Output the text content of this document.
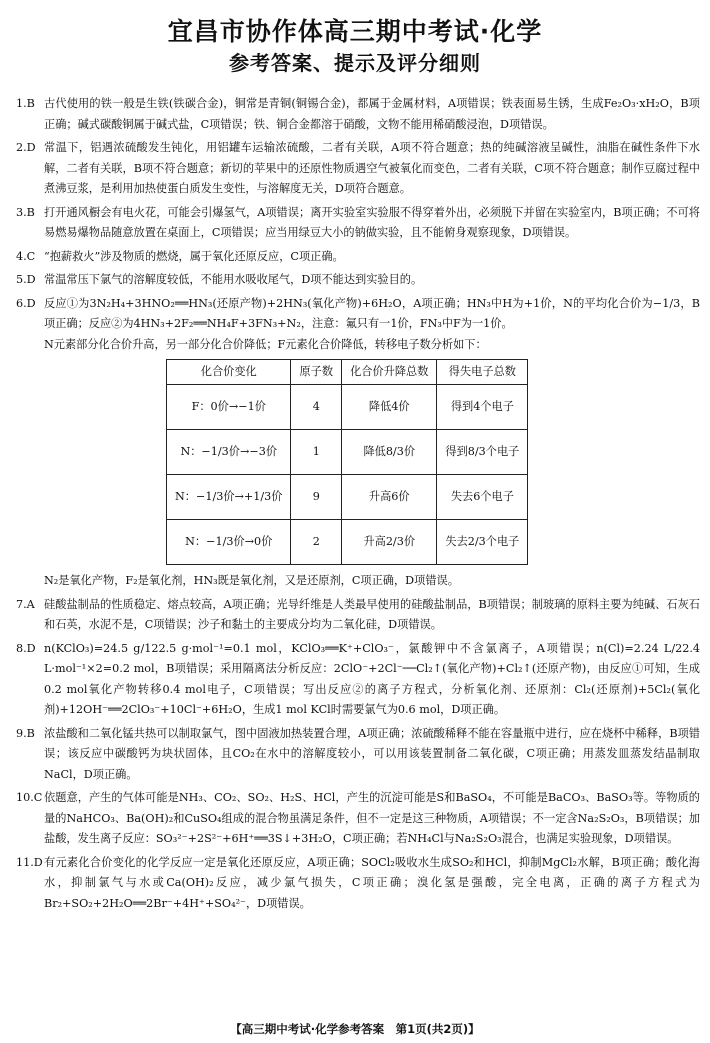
宜昌市协作体高三期中考试·化学
参考答案、提示及评分细则
1.B 古代使用的铁一般是生铁(铁碳合金)，铜常是青铜(铜锡合金)，都属于金属材料，A项错误；铁表面易生锈，生成Fe₂O₃·xH₂O，B项正确；碱式碳酸铜属于碱式盐，C项错误；铁、铜合金都溶于硝酸，文物不能用稀硝酸浸泡，D项错误。

2.D 常温下，铝遇浓硫酸发生钝化，用铝罐车运输浓硫酸，二者有关联，A项不符合题意；热的纯碱溶液呈碱性，油脂在碱性条件下水解，二者有关联，B项不符合题意；新切的苹果中的还原性物质遇空气被氧化而变色，二者有关联，C项不符合题意；制作豆腐过程中煮沸豆浆，是利用加热使蛋白质发生变性，与溶解度无关，D项符合题意。

3.B 打开通风橱会有电火花，可能会引爆氢气，A项错误；离开实验室实验服不得穿着外出，必须脱下并留在实验室内，B项正确；不可将易燃易爆物品随意放置在桌面上，C项错误；应当用绿豆大小的钠做实验，且不能俯身观察现象，D项错误。

4.C “抱薪救火”涉及物质的燃烧，属于氧化还原反应，C项正确。

5.D 常温常压下氯气的溶解度较低，不能用水吸收尾气，D项不能达到实验目的。

6.D 反应①为3N₂H₄+3HNO₂══HN₃(还原产物)+2HN₃(氧化产物)+6H₂O，A项正确；HN₃中H为+1价，N的平均化合价为−1/3，B项正确；反应②为4HN₃+2F₂══NH₄F+3FN₃+N₂，注意：氟只有一1价，FN₃中F为一1价。

N元素部分化合价升高，另一部分化合价降低；F元素化合价降低，转移电子数分析如下：

化合价变化	原子数	化合价升降总数	得失电子总数
F：0价→−1价	4	降低4价	得到4个电子
N：−1/3价→−3价	1	降低8/3价	得到8/3个电子
N：−1/3价→+1/3价	9	升高6价	失去6个电子
N：−1/3价→0价	2	升高2/3价	失去2/3个电子

N₂是氧化产物，F₂是氧化剂，HN₃既是氧化剂，又是还原剂，C项正确，D项错误。

7.A 硅酸盐制品的性质稳定、熔点较高，A项正确；光导纤维是人类最早使用的硅酸盐制品，B项错误；制玻璃的原料主要为纯碱、石灰石和石英，水泥不是，C项错误；沙子和黏土的主要成分均为二氧化硅，D项错误。

8.D n(KClO₃)=24.5 g/122.5 g·mol⁻¹=0.1 mol，KClO₃══K⁺+ClO₃⁻，氯酸钾中不含氯离子，A项错误；n(Cl)=2.24 L/22.4 L·mol⁻¹×2=0.2 mol，B项错误；采用隔离法分析反应：2ClO⁻+2Cl⁻──Cl₂↑(氧化产物)+Cl₂↑(还原产物)，由反应①可知，生成0.2 mol氧化产物转移0.4 mol电子，C项错误；写出反应②的离子方程式，分析氧化剂、还原剂：Cl₂(还原剂)+5Cl₂(氧化剂)+12OH⁻══2ClO₃⁻+10Cl⁻+6H₂O，生成1 mol KCl时需要氯气为0.6 mol，D项正确。

9.B 浓盐酸和二氧化锰共热可以制取氯气，图中固液加热装置合理，A项正确；浓硫酸稀释不能在容量瓶中进行，应在烧杯中稀释，B项错误；该反应中碳酸钙为块状固体，且CO₂在水中的溶解度较小，可以用该装置制备二氧化碳，C项正确；用蒸发皿蒸发结晶制取NaCl，D项正确。

10.C 依题意，产生的气体可能是NH₃、CO₂、SO₂、H₂S、HCl，产生的沉淀可能是S和BaSO₄，不可能是BaCO₃、BaSO₃等。等物质的量的NaHCO₃、Ba(OH)₂和CuSO₄组成的混合物虽满足条件，但不一定是这三种物质，A项错误；不一定含Na₂S₂O₃，B项错误；加盐酸，发生离子反应：SO₃²⁻+2S²⁻+6H⁺══3S↓+3H₂O，C项正确；若NH₄Cl与Na₂S₂O₃混合，也满足实验现象，D项错误。

11.D 有元素化合价变化的化学反应一定是氧化还原反应，A项正确；SOCl₂吸收水生成SO₂和HCl，抑制MgCl₂水解，B项正确；酸化海水，抑制氯气与水或Ca(OH)₂反应，减少氯气损失，C项正确；溴化氢是强酸，完全电离，正确的离子方程式为Br₂+SO₂+2H₂O══2Br⁻+4H⁺+SO₄²⁻，D项错误。

【高三期中考试·化学参考答案　第1页(共2页)】
